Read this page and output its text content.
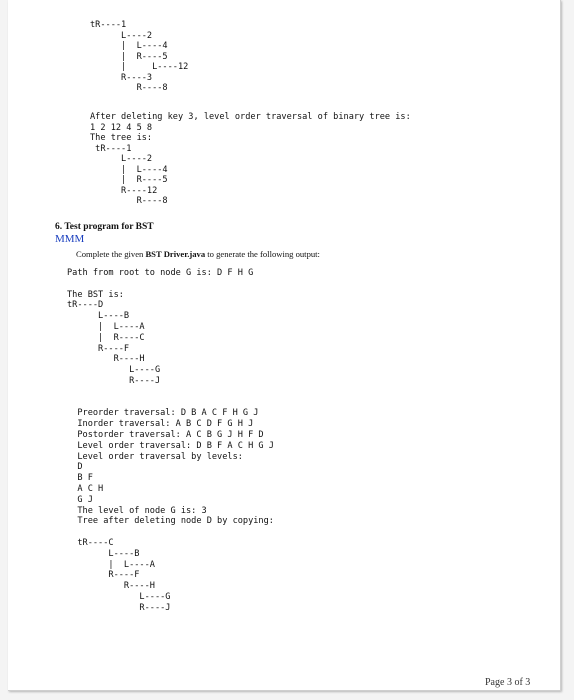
tR----1
L----2
|  L----4
|  R----5
|     L----12
R----3
R----8
After deleting key 3, level order traversal of binary tree is:
1 2 12 4 5 8
The tree is:
tR----1
L----2
|  L----4
|  R----5
R----12
R----8
6. Test program for BST
MMM
Complete the given BST Driver.java to generate the following output:
Path from root to node G is: D F H G

The BST is:
tR----D
L----B
|  L----A
|  R----C
R----F
R----H
L----G
R----J

Preorder traversal: D B A C F H G J
Inorder traversal: A B C D F G H J
Postorder traversal: A C B G J H F D
Level order traversal: D B F A C H G J
Level order traversal by levels:
D
B F
A C H
G J
The level of node G is: 3
Tree after deleting node D by copying:

tR----C
L----B
|  L----A
R----F
R----H
L----G
R----J
Page 3 of 3
